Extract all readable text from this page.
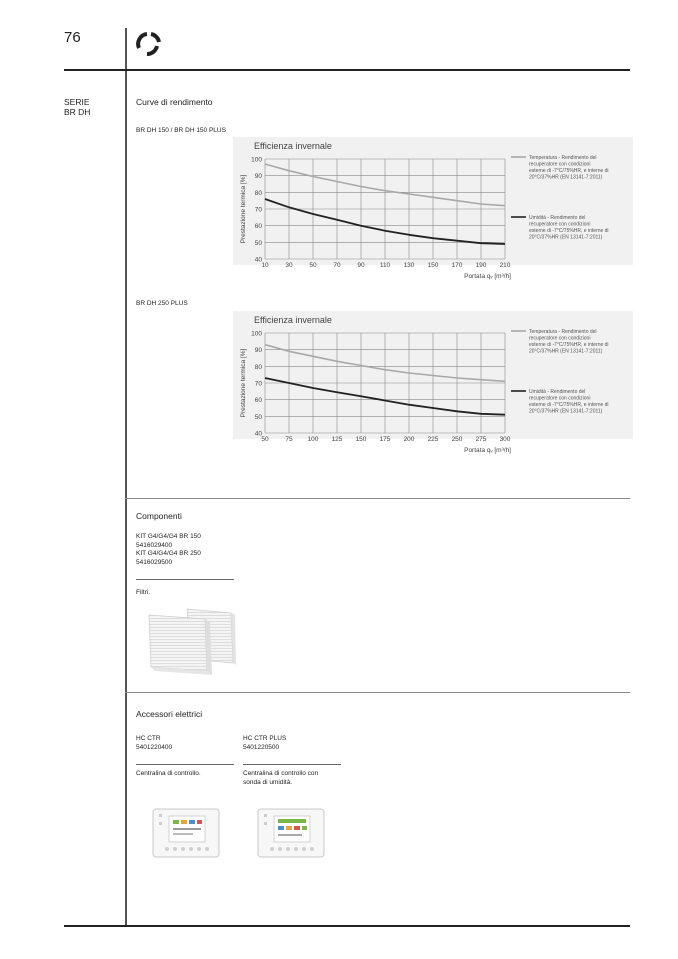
76
SERIE
BR DH
Curve di rendimento
BR DH 150 / BR DH 150 PLUS
Efficienza invernale
40
50
60
70
80
90
100
10	30	50	70	90 110 130 150 170 190 210
Prestazione termica [%]
Portata qᵥ [m³/h]
Temperatura - Rendimento del
recuperatore con condizioni
esterne di -7°C/75%HR, e interne di
20°C/37%HR (EN 13141-7:2011)
Umidità - Rendimento del
recuperatore con condizioni
esterne di -7°C/75%HR, e interne di
20°C/37%HR (EN 13141-7:2011)
BR DH 250 PLUS
Efficienza invernale
40
50
60
70
80
90
100
50	75 100 125 150 175 200 225 250 275 300
Prestazione termica [%]
Portata qᵥ [m³/h]
Temperatura - Rendimento del
recuperatore con condizioni
esterne di -7°C/75%HR, e interne di
20°C/37%HR (EN 13141-7:2011)
Umidità - Rendimento del
recuperatore con condizioni
esterne di -7°C/75%HR, e interne di
20°C/37%HR (EN 13141-7:2011)
Componenti
KIT G4/G4/G4 BR 150
5416029400
KIT G4/G4/G4 BR 250
5416029500
Filtri.
Accessori elettrici
HC CTR
5401220400
Centralina di controllo.
HC CTR PLUS
5401220500
Centralina di controllo con
sonda di umidità.
